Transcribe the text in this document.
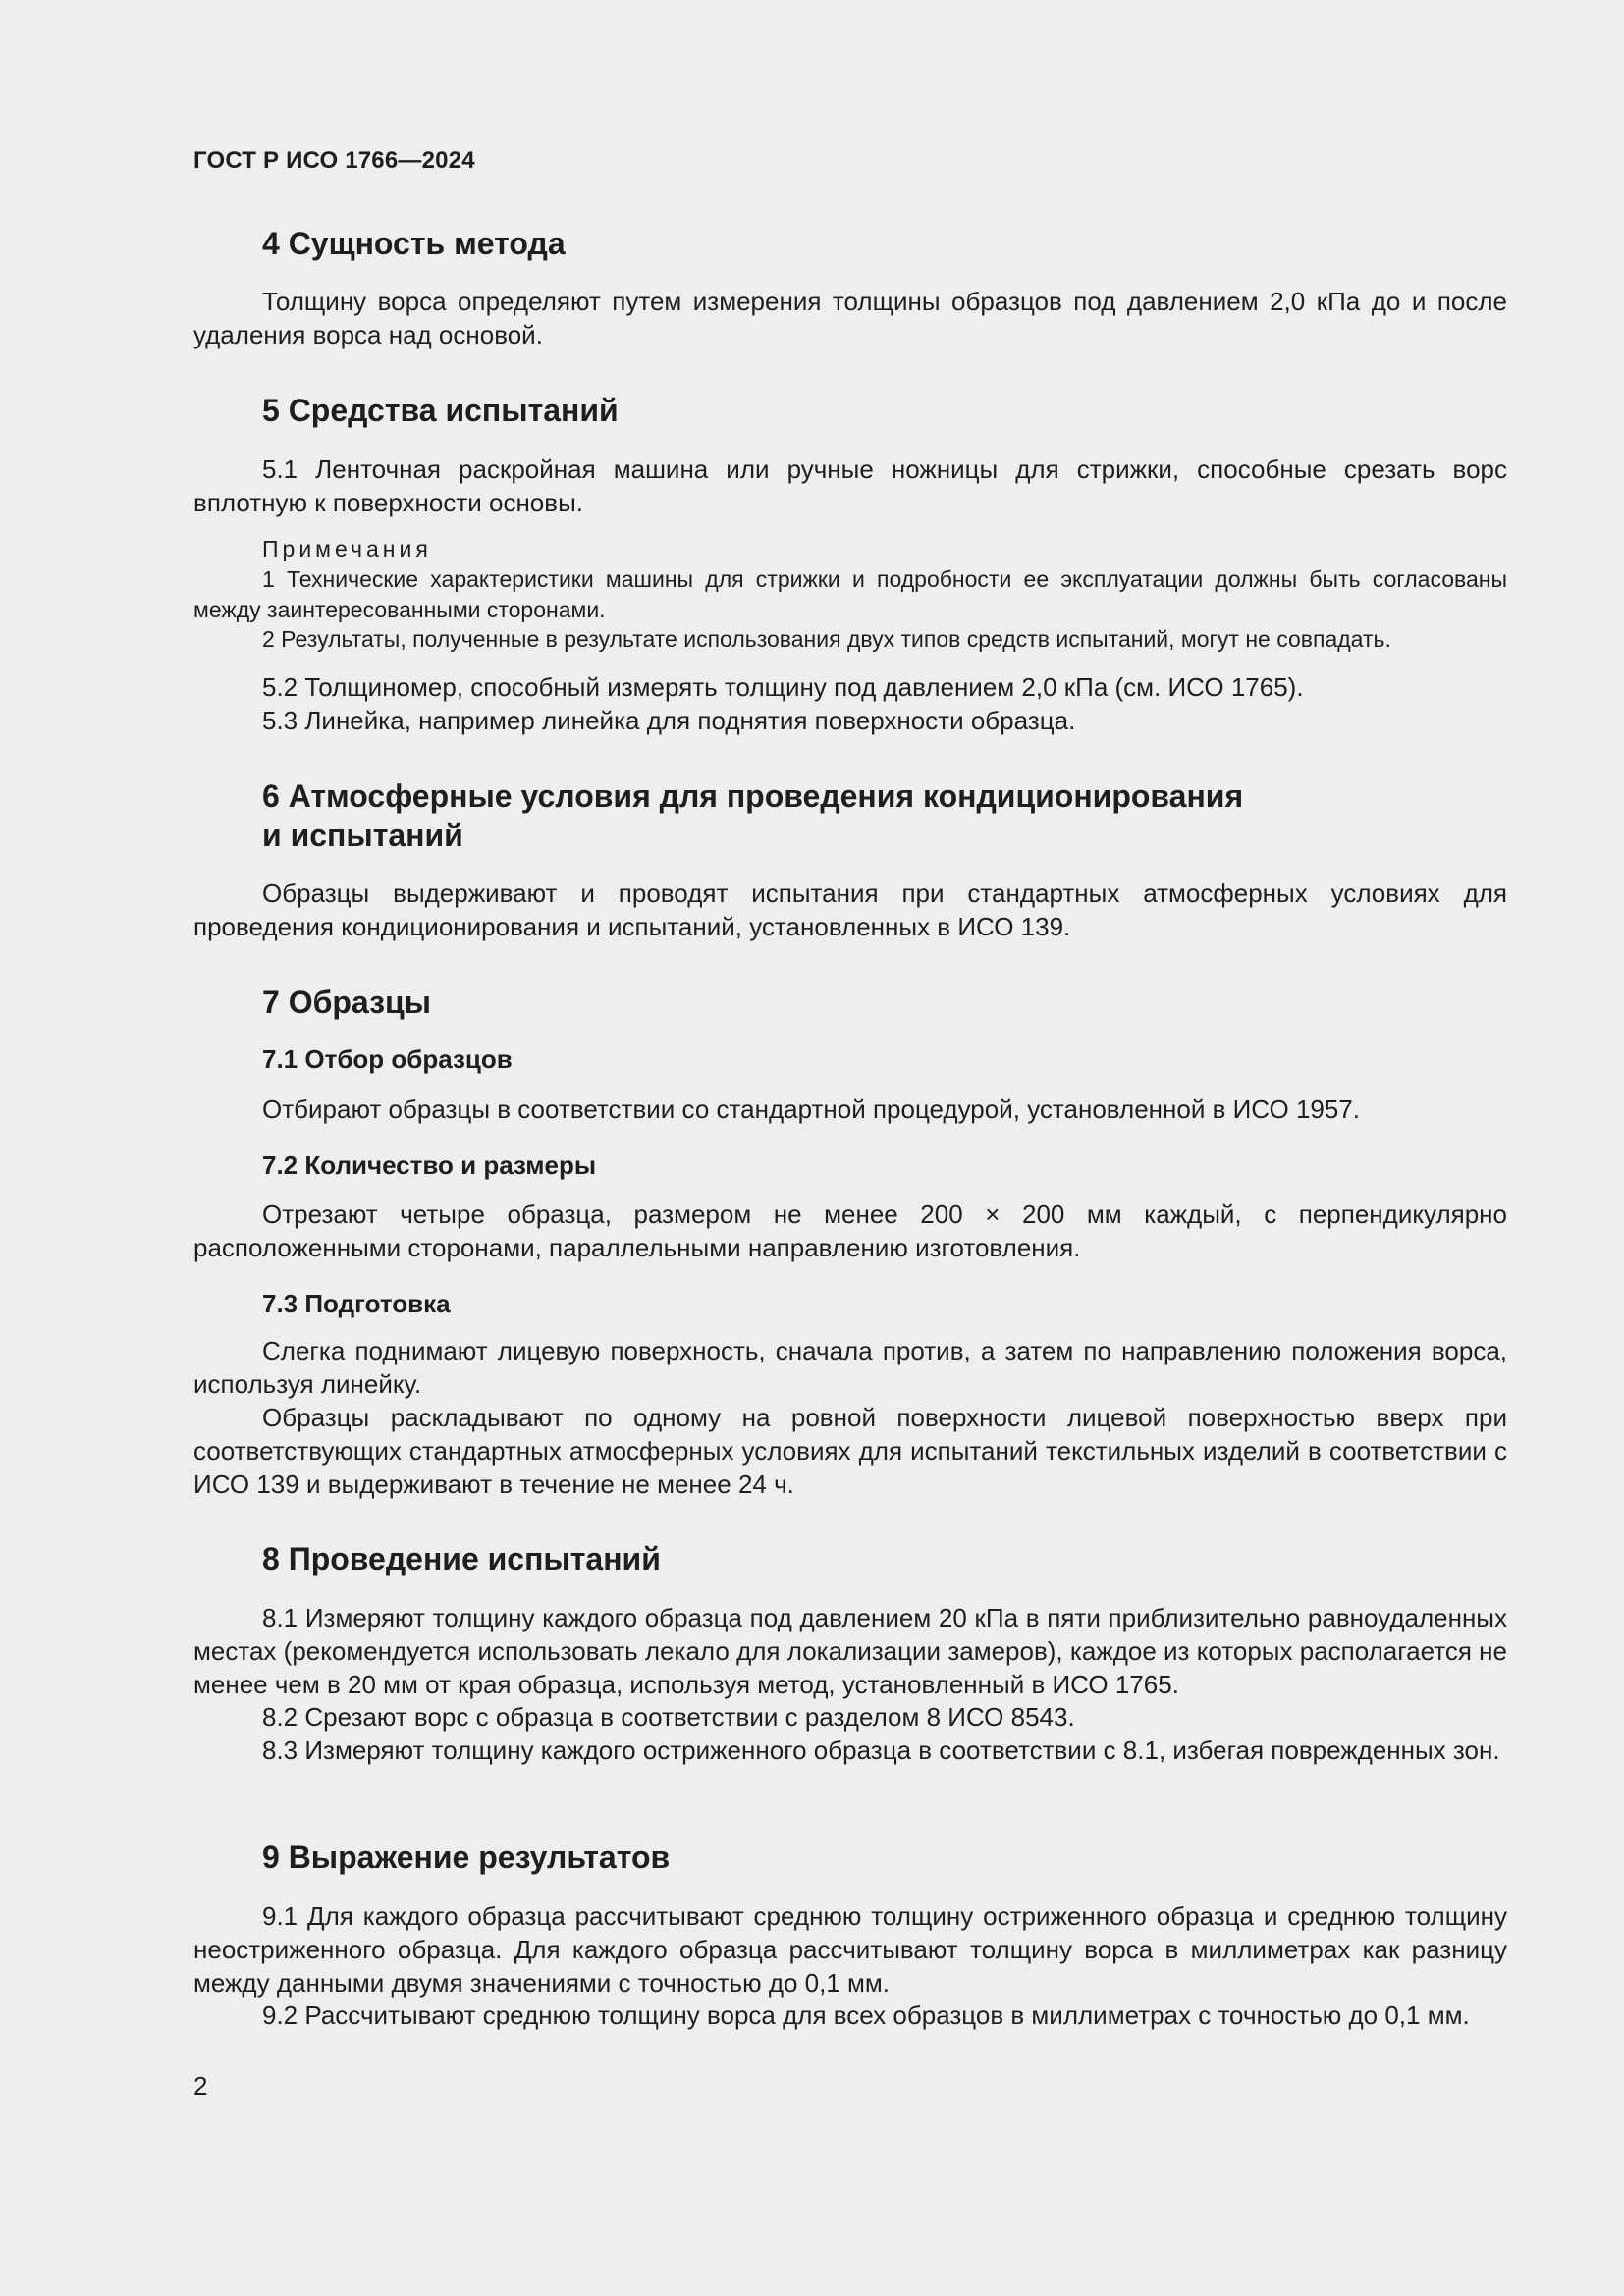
ГОСТ Р ИСО 1766—2024
4 Сущность метода

Толщину ворса определяют путем измерения толщины образцов под давлением 2,0 кПа до и после удаления ворса над основой.

5 Средства испытаний

5.1 Ленточная раскройная машина или ручные ножницы для стрижки, способные срезать ворс вплотную к поверхности основы.

Примечания

1 Технические характеристики машины для стрижки и подробности ее эксплуатации должны быть согласованы между заинтересованными сторонами.

2 Результаты, полученные в результате использования двух типов средств испытаний, могут не совпадать.

5.2 Толщиномер, способный измерять толщину под давлением 2,0 кПа (см. ИСО 1765).

5.3 Линейка, например линейка для поднятия поверхности образца.

6 Атмосферные условия для проведения кондиционирования
и испытаний

Образцы выдерживают и проводят испытания при стандартных атмосферных условиях для проведения кондиционирования и испытаний, установленных в ИСО 139.

7 Образцы
7.1 Отбор образцов

Отбирают образцы в соответствии со стандартной процедурой, установленной в ИСО 1957.

7.2 Количество и размеры

Отрезают четыре образца, размером не менее 200 × 200 мм каждый, с перпендикулярно расположенными сторонами, параллельными направлению изготовления.

7.3 Подготовка

Слегка поднимают лицевую поверхность, сначала против, а затем по направлению положения ворса, используя линейку.

Образцы раскладывают по одному на ровной поверхности лицевой поверхностью вверх при соответствующих стандартных атмосферных условиях для испытаний текстильных изделий в соответствии с ИСО 139 и выдерживают в течение не менее 24 ч.

8 Проведение испытаний

8.1 Измеряют толщину каждого образца под давлением 20 кПа в пяти приблизительно равноудаленных местах (рекомендуется использовать лекало для локализации замеров), каждое из которых располагается не менее чем в 20 мм от края образца, используя метод, установленный в ИСО 1765.

8.2 Срезают ворс с образца в соответствии с разделом 8 ИСО 8543.

8.3 Измеряют толщину каждого остриженного образца в соответствии с 8.1, избегая поврежденных зон.

9 Выражение результатов

9.1 Для каждого образца рассчитывают среднюю толщину остриженного образца и среднюю толщину неостриженного образца. Для каждого образца рассчитывают толщину ворса в миллиметрах как разницу между данными двумя значениями с точностью до 0,1 мм.

9.2 Рассчитывают среднюю толщину ворса для всех образцов в миллиметрах с точностью до 0,1 мм.

2
